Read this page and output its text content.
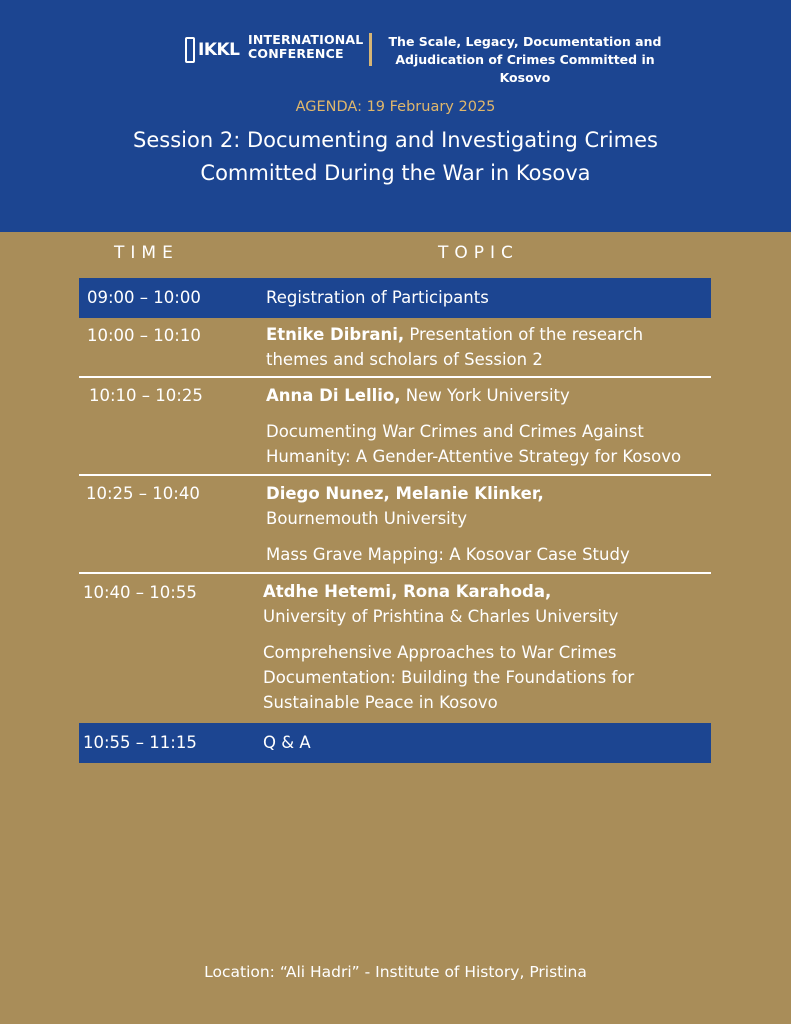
IKKL
INTERNATIONAL
CONFERENCE
The Scale, Legacy, Documentation and
Adjudication of Crimes Committed in Kosovo
AGENDA: 19 February 2025
Session 2: Documenting and Investigating Crimes
Committed During the War in Kosova
TIME	TOPIC
09:00 – 10:00	Registration of Participants
10:00 – 10:10	Etnike Dibrani, Presentation of the research
themes and scholars of Session 2
10:10 – 10:25	Anna Di Lellio, New York University
Documenting War Crimes and Crimes Against
Humanity: A Gender-Attentive Strategy for Kosovo
10:25 – 10:40	Diego Nunez, Melanie Klinker,
Bournemouth University
Mass Grave Mapping: A Kosovar Case Study
10:40 – 10:55	Atdhe Hetemi, Rona Karahoda,
University of Prishtina & Charles University
Comprehensive Approaches to War Crimes
Documentation: Building the Foundations for
Sustainable Peace in Kosovo
10:55 – 11:15	Q & A
Location: “Ali Hadri” - Institute of History, Pristina
